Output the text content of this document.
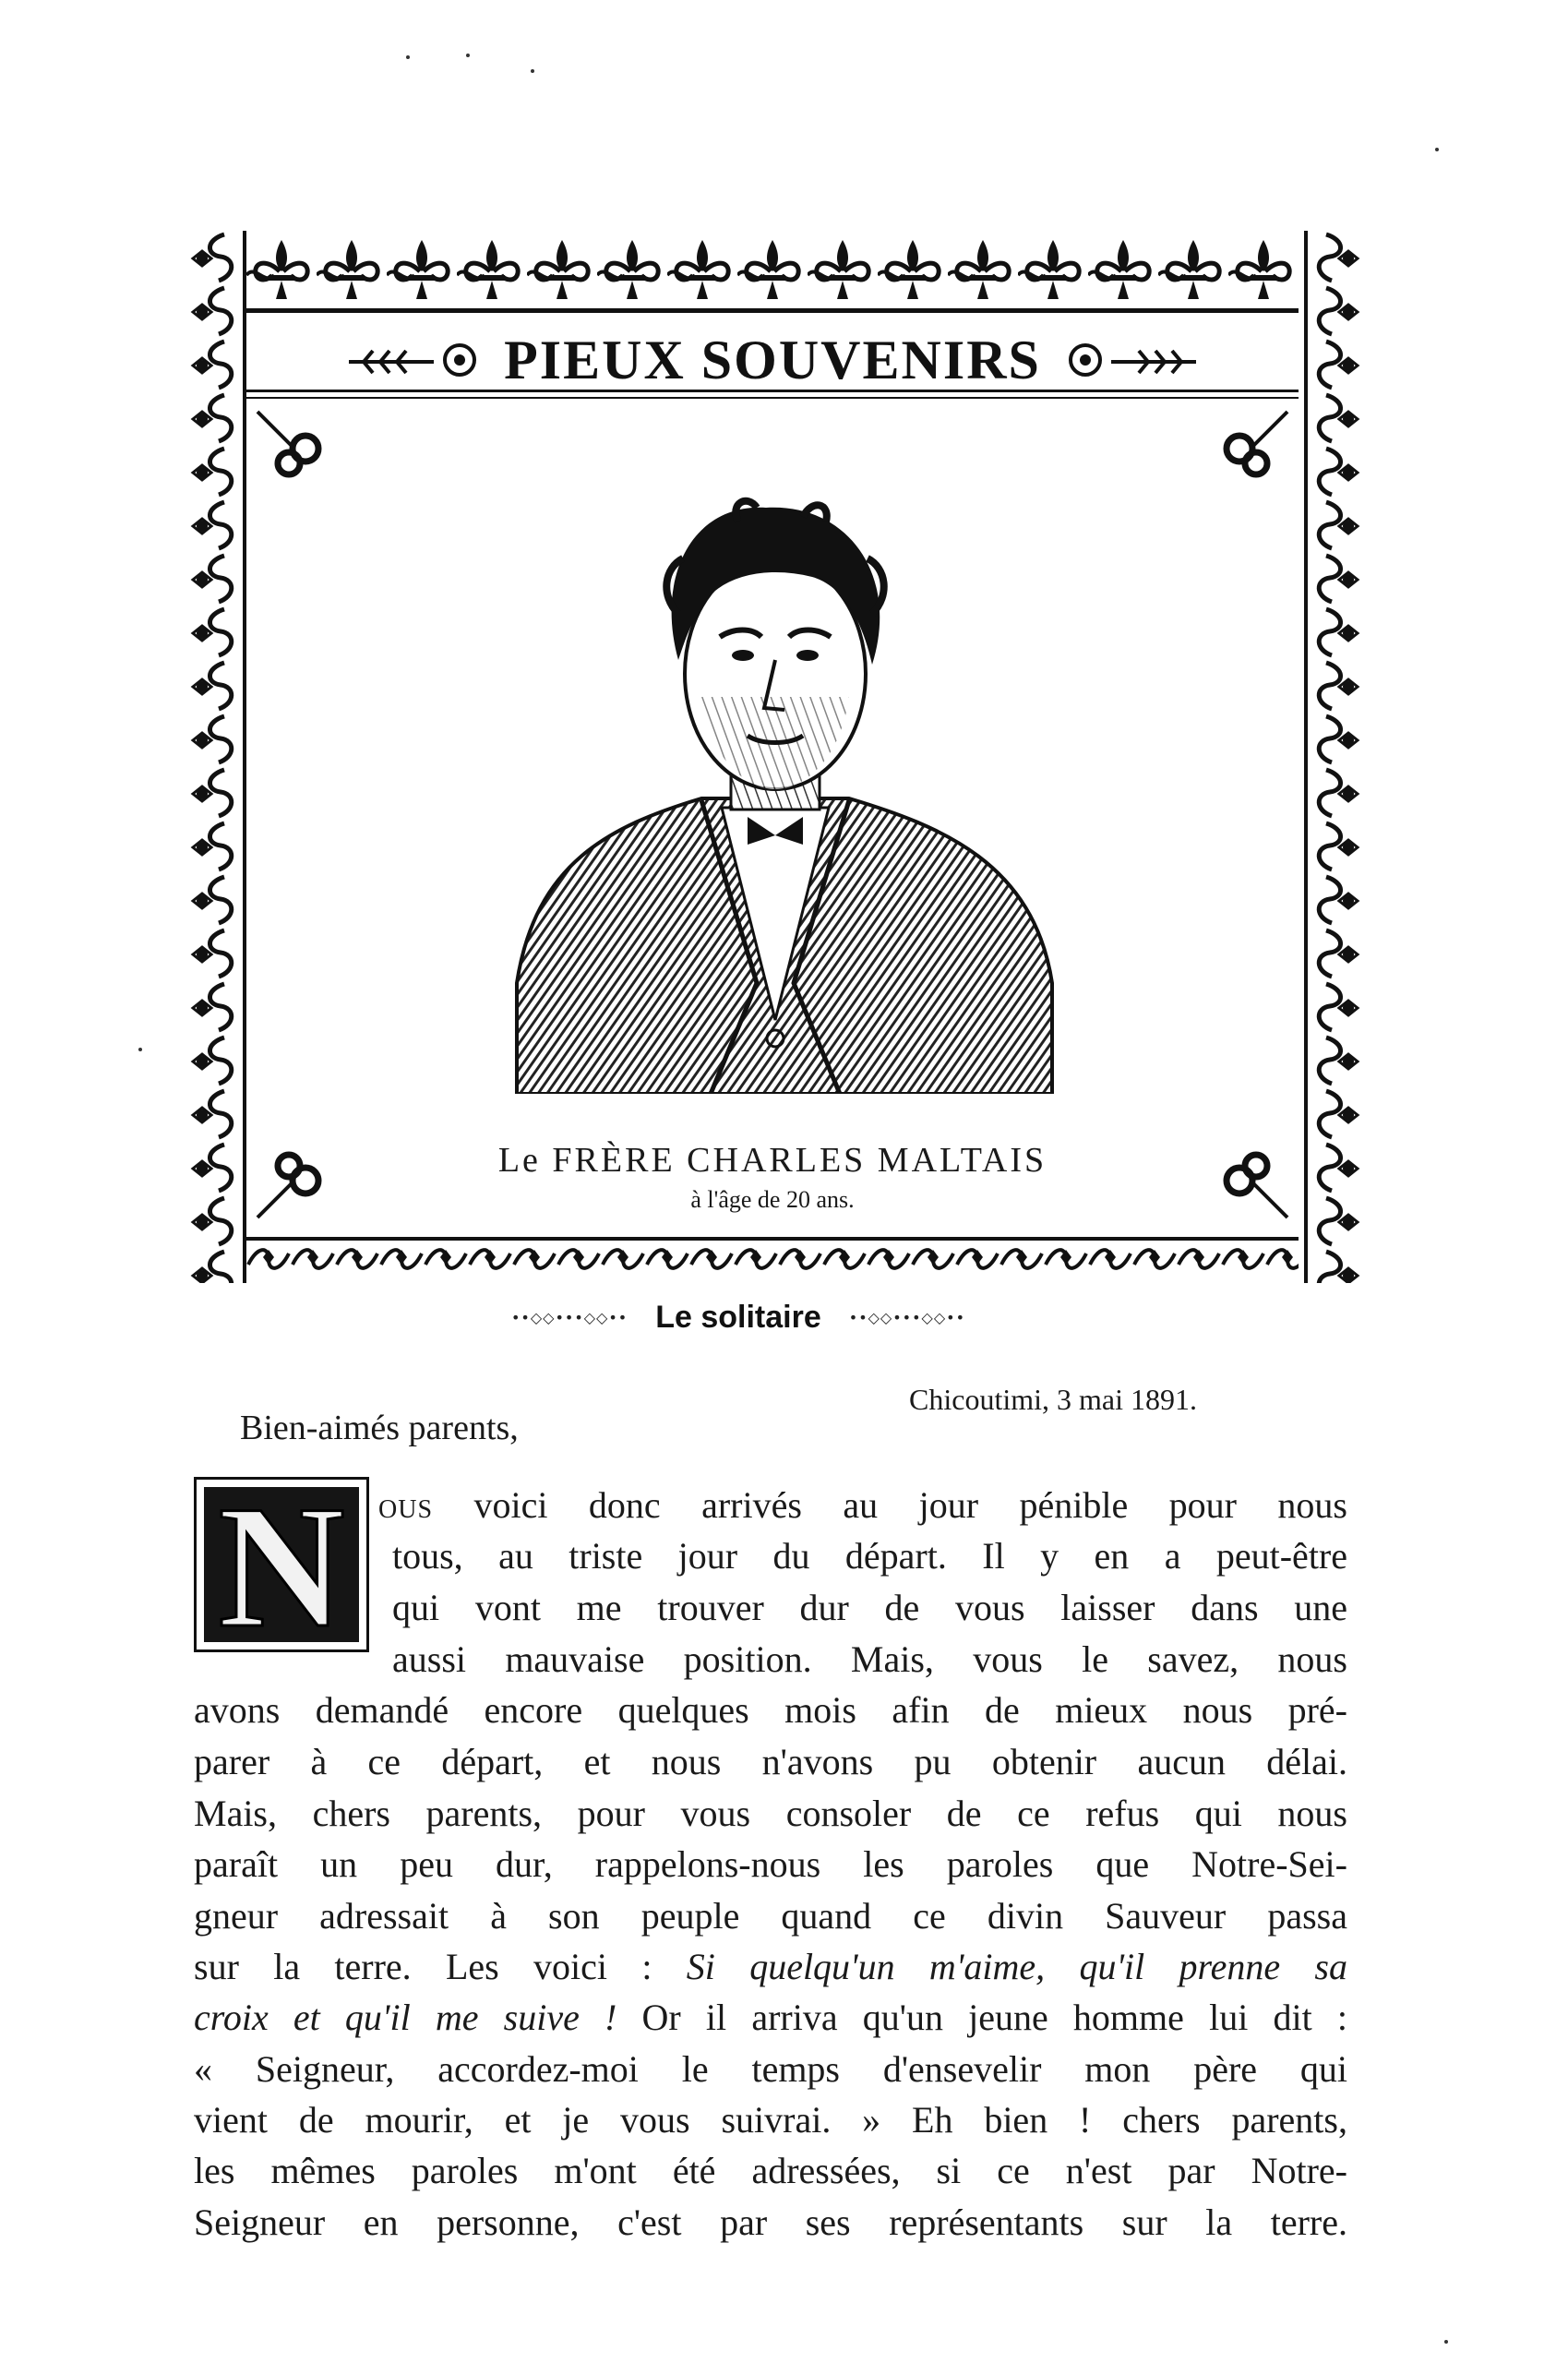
PIEUX SOUVENIRS
Le FRÈRE CHARLES MALTAIS
à l'âge de 20 ans.
••◇◇•••◇◇•• Le solitaire ••◇◇•••◇◇••
Chicoutimi, 3 mai 1891.
Bien-aimés parents,
N ous voici donc arrivés au jour pénible pour nous
tous, au triste jour du départ. Il y en a peut-être
qui vont me trouver dur de vous laisser dans une
aussi mauvaise position. Mais, vous le savez, nous
avons demandé encore quelques mois afin de mieux nous pré-
parer à ce départ, et nous n'avons pu obtenir aucun délai.
Mais, chers parents, pour vous consoler de ce refus qui nous
paraît un peu dur, rappelons-nous les paroles que Notre-Sei-
gneur adressait à son peuple quand ce divin Sauveur passa
sur la terre. Les voici : Si quelqu'un m'aime, qu'il prenne sa
croix et qu'il me suive ! Or il arriva qu'un jeune homme lui dit :
« Seigneur, accordez-moi le temps d'ensevelir mon père qui
vient de mourir, et je vous suivrai. » Eh bien ! chers parents,
les mêmes paroles m'ont été adressées, si ce n'est par Notre-
Seigneur en personne, c'est par ses représentants sur la terre.
